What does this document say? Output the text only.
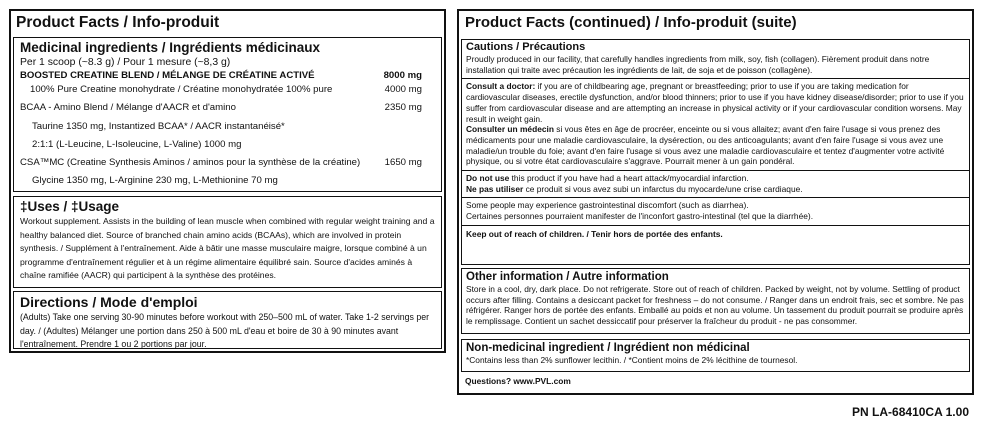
Product Facts / Info-produit
Medicinal ingredients / Ingrédients médicinaux
Per 1 scoop (~8.3 g) / Pour 1 mesure (~8,3 g)
BOOSTED CREATINE BLEND / MÉLANGE DE CRÉATINE ACTIVÉ	8000 mg
100% Pure Creatine monohydrate / Créatine monohydratée 100% pure	4000 mg
BCAA - Amino Blend / Mélange d'AACR et d'amino	2350 mg
Taurine 1350 mg, Instantized BCAA* / AACR instantanéisé*
2:1:1 (L-Leucine, L-Isoleucine, L-Valine) 1000 mg
CSA™MC (Creatine Synthesis Aminos / aminos pour la synthèse de la créatine)	1650 mg
Glycine 1350 mg, L-Arginine 230 mg, L-Methionine 70 mg
‡Uses / ‡Usage
Workout supplement. Assists in the building of lean muscle when combined with regular weight training and a healthy balanced diet. Source of branched chain amino acids (BCAAs), which are involved in protein synthesis. / Supplément à l'entraînement. Aide à bâtir une masse musculaire maigre, lorsque combiné à un programme d'entraînement régulier et à un régime alimentaire équilibré sain. Source d'acides aminés à chaîne ramifiée (AACR) qui participent à la synthèse des protéines.
Directions / Mode d'emploi
(Adults) Take one serving 30-90 minutes before workout with 250–500 mL of water. Take 1-2 servings per day. / (Adultes) Mélanger une portion dans 250 à 500 mL d'eau et boire de 30 à 90 minutes avant l'entraînement. Prendre 1 ou 2 portions par jour.
Product Facts (continued) / Info-produit (suite)
Cautions / Précautions
Proudly produced in our facility, that carefully handles ingredients from milk, soy, fish (collagen). Fièrement produit dans notre installation qui traite avec précaution les ingrédients de lait, de soja et de poisson (collagène).
Consult a doctor: if you are of childbearing age, pregnant or breastfeeding; prior to use if you are taking medication for cardiovascular diseases, erectile dysfunction, and/or blood thinners; prior to use if you have kidney disease/disorder; prior to use if you suffer from cardiovascular disease and are attempting an increase in physical activity or if your cardiovascular condition worsens. May result in weight gain.
Consulter un médecin si vous êtes en âge de procréer, enceinte ou si vous allaitez; avant d'en faire l'usage si vous prenez des médicaments pour une maladie cardiovasculaire, la dysérection, ou des anticoagulants; avant d'en faire l'usage si vous avez une maladie/un trouble du foie; avant d'en faire l'usage si vous avez une maladie cardiovasculaire et tentez d'augmenter votre activité physique, ou si votre état cardiovasculaire s'aggrave. Pourrait mener à un gain pondéral.
Do not use this product if you have had a heart attack/myocardial infarction.
Ne pas utiliser ce produit si vous avez subi un infarctus du myocarde/une crise cardiaque.
Some people may experience gastrointestinal discomfort (such as diarrhea).
Certaines personnes pourraient manifester de l'inconfort gastro-intestinal (tel que la diarrhée).
Keep out of reach of children. / Tenir hors de portée des enfants.
Other information / Autre information
Store in a cool, dry, dark place. Do not refrigerate. Store out of reach of children. Packed by weight, not by volume. Settling of product occurs after filling. Contains a desiccant packet for freshness – do not consume. / Ranger dans un endroit frais, sec et sombre. Ne pas réfrigérer. Ranger hors de portée des enfants. Emballé au poids et non au volume. Un tassement du produit pourrait se produire après le remplissage. Contient un sachet dessiccatif pour préserver la fraîcheur du produit - ne pas consommer.
Non-medicinal ingredient / Ingrédient non médicinal
*Contains less than 2% sunflower lecithin. / *Contient moins de 2% lécithine de tournesol.
Questions? www.PVL.com
PN LA-68410CA 1.00
